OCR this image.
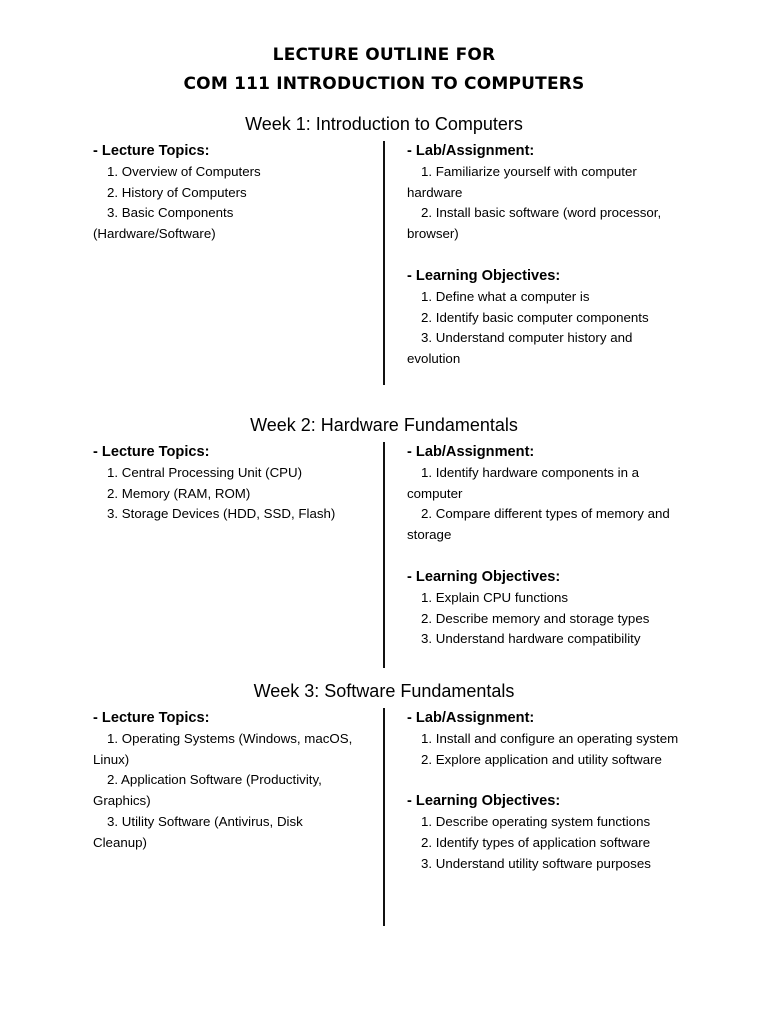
LECTURE OUTLINE FOR
COM 111 INTRODUCTION TO COMPUTERS
Week 1: Introduction to Computers
- Lecture Topics:
1. Overview of Computers
2. History of Computers
3. Basic Components (Hardware/Software)
- Lab/Assignment:
1. Familiarize yourself with computer hardware
2. Install basic software (word processor, browser)
- Learning Objectives:
1. Define what a computer is
2. Identify basic computer components
3. Understand computer history and evolution
Week 2: Hardware Fundamentals
- Lecture Topics:
1. Central Processing Unit (CPU)
2. Memory (RAM, ROM)
3. Storage Devices (HDD, SSD, Flash)
- Lab/Assignment:
1. Identify hardware components in a computer
2. Compare different types of memory and storage
- Learning Objectives:
1. Explain CPU functions
2. Describe memory and storage types
3. Understand hardware compatibility
Week 3: Software Fundamentals
- Lecture Topics:
1. Operating Systems (Windows, macOS, Linux)
2. Application Software (Productivity, Graphics)
3. Utility Software (Antivirus, Disk Cleanup)
- Lab/Assignment:
1. Install and configure an operating system
2. Explore application and utility software
- Learning Objectives:
1. Describe operating system functions
2. Identify types of application software
3. Understand utility software purposes
